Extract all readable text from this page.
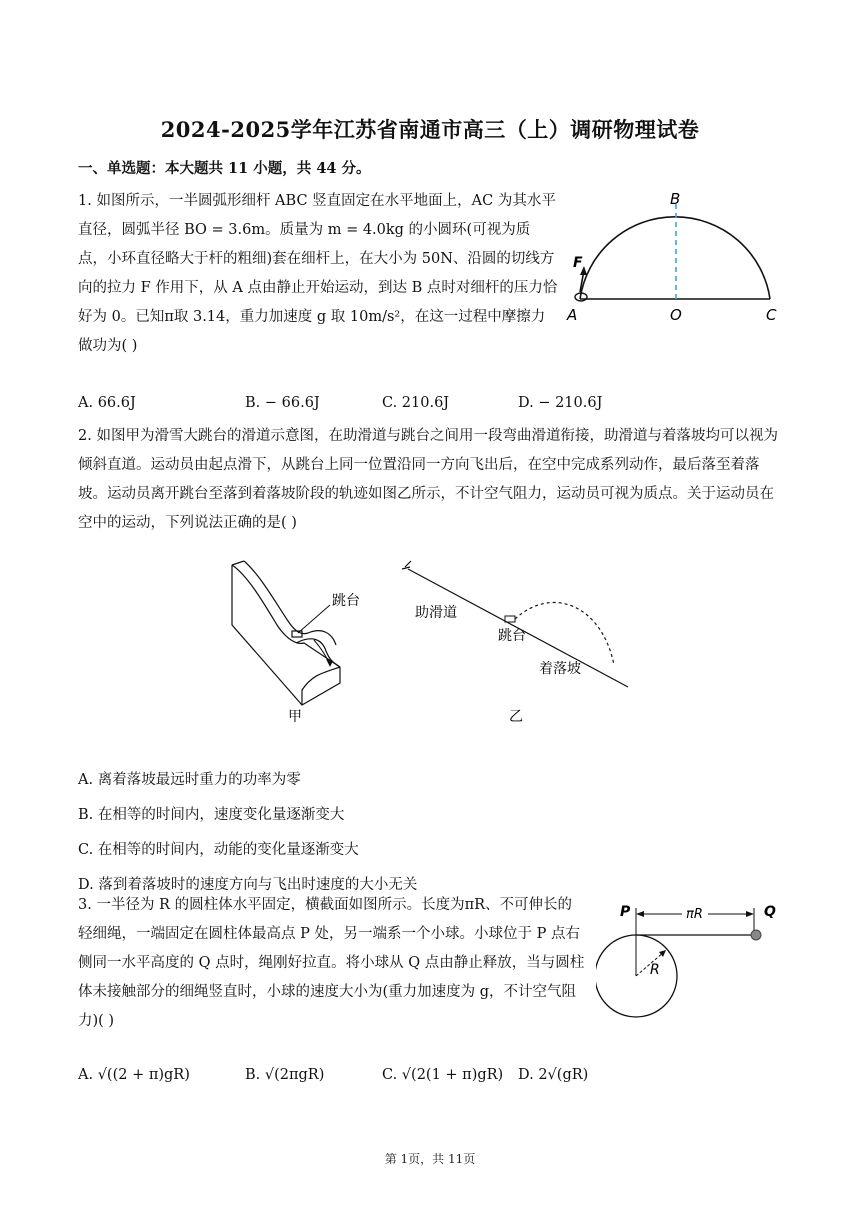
2024-2025学年江苏省南通市高三（上）调研物理试卷
一、单选题：本大题共 11 小题，共 44 分。
1. 如图所示，一半圆弧形细杆 ABC 竖直固定在水平地面上，AC 为其水平直径，圆弧半径 BO = 3.6m。质量为 m = 4.0kg 的小圆环(可视为质点，小环直径略大于杆的粗细)套在细杆上，在大小为 50N、沿圆的切线方向的拉力 F 作用下，从 A 点由静止开始运动，到达 B 点时对细杆的压力恰好为 0。已知π取 3.14，重力加速度 g 取 10m/s²，在这一过程中摩擦力做功为( )
B
F
A	O	C
A. 66.6J	B. − 66.6J	C. 210.6J	D. − 210.6J
2. 如图甲为滑雪大跳台的滑道示意图，在助滑道与跳台之间用一段弯曲滑道衔接，助滑道与着落坡均可以视为倾斜直道。运动员由起点滑下，从跳台上同一位置沿同一方向飞出后，在空中完成系列动作，最后落至着落坡。运动员离开跳台至落到着落坡阶段的轨迹如图乙所示，不计空气阻力，运动员可视为质点。关于运动员在空中的运动，下列说法正确的是( )
跳台
甲
助滑道
跳台
着落坡
乙
A. 离着落坡最远时重力的功率为零
B. 在相等的时间内，速度变化量逐渐变大
C. 在相等的时间内，动能的变化量逐渐变大
D. 落到着落坡时的速度方向与飞出时速度的大小无关
3. 一半径为 R 的圆柱体水平固定，横截面如图所示。长度为πR、不可伸长的轻细绳，一端固定在圆柱体最高点 P 处，另一端系一个小球。小球位于 P 点右侧同一水平高度的 Q 点时，绳刚好拉直。将小球从 Q 点由静止释放，当与圆柱体未接触部分的细绳竖直时，小球的速度大小为(重力加速度为 g，不计空气阻力)( )
P	Q
πR
R
A. √((2 + π)gR)	B. √(2πgR)	C. √(2(1 + π)gR) D. 2√(gR)
第 1页，共 11页
